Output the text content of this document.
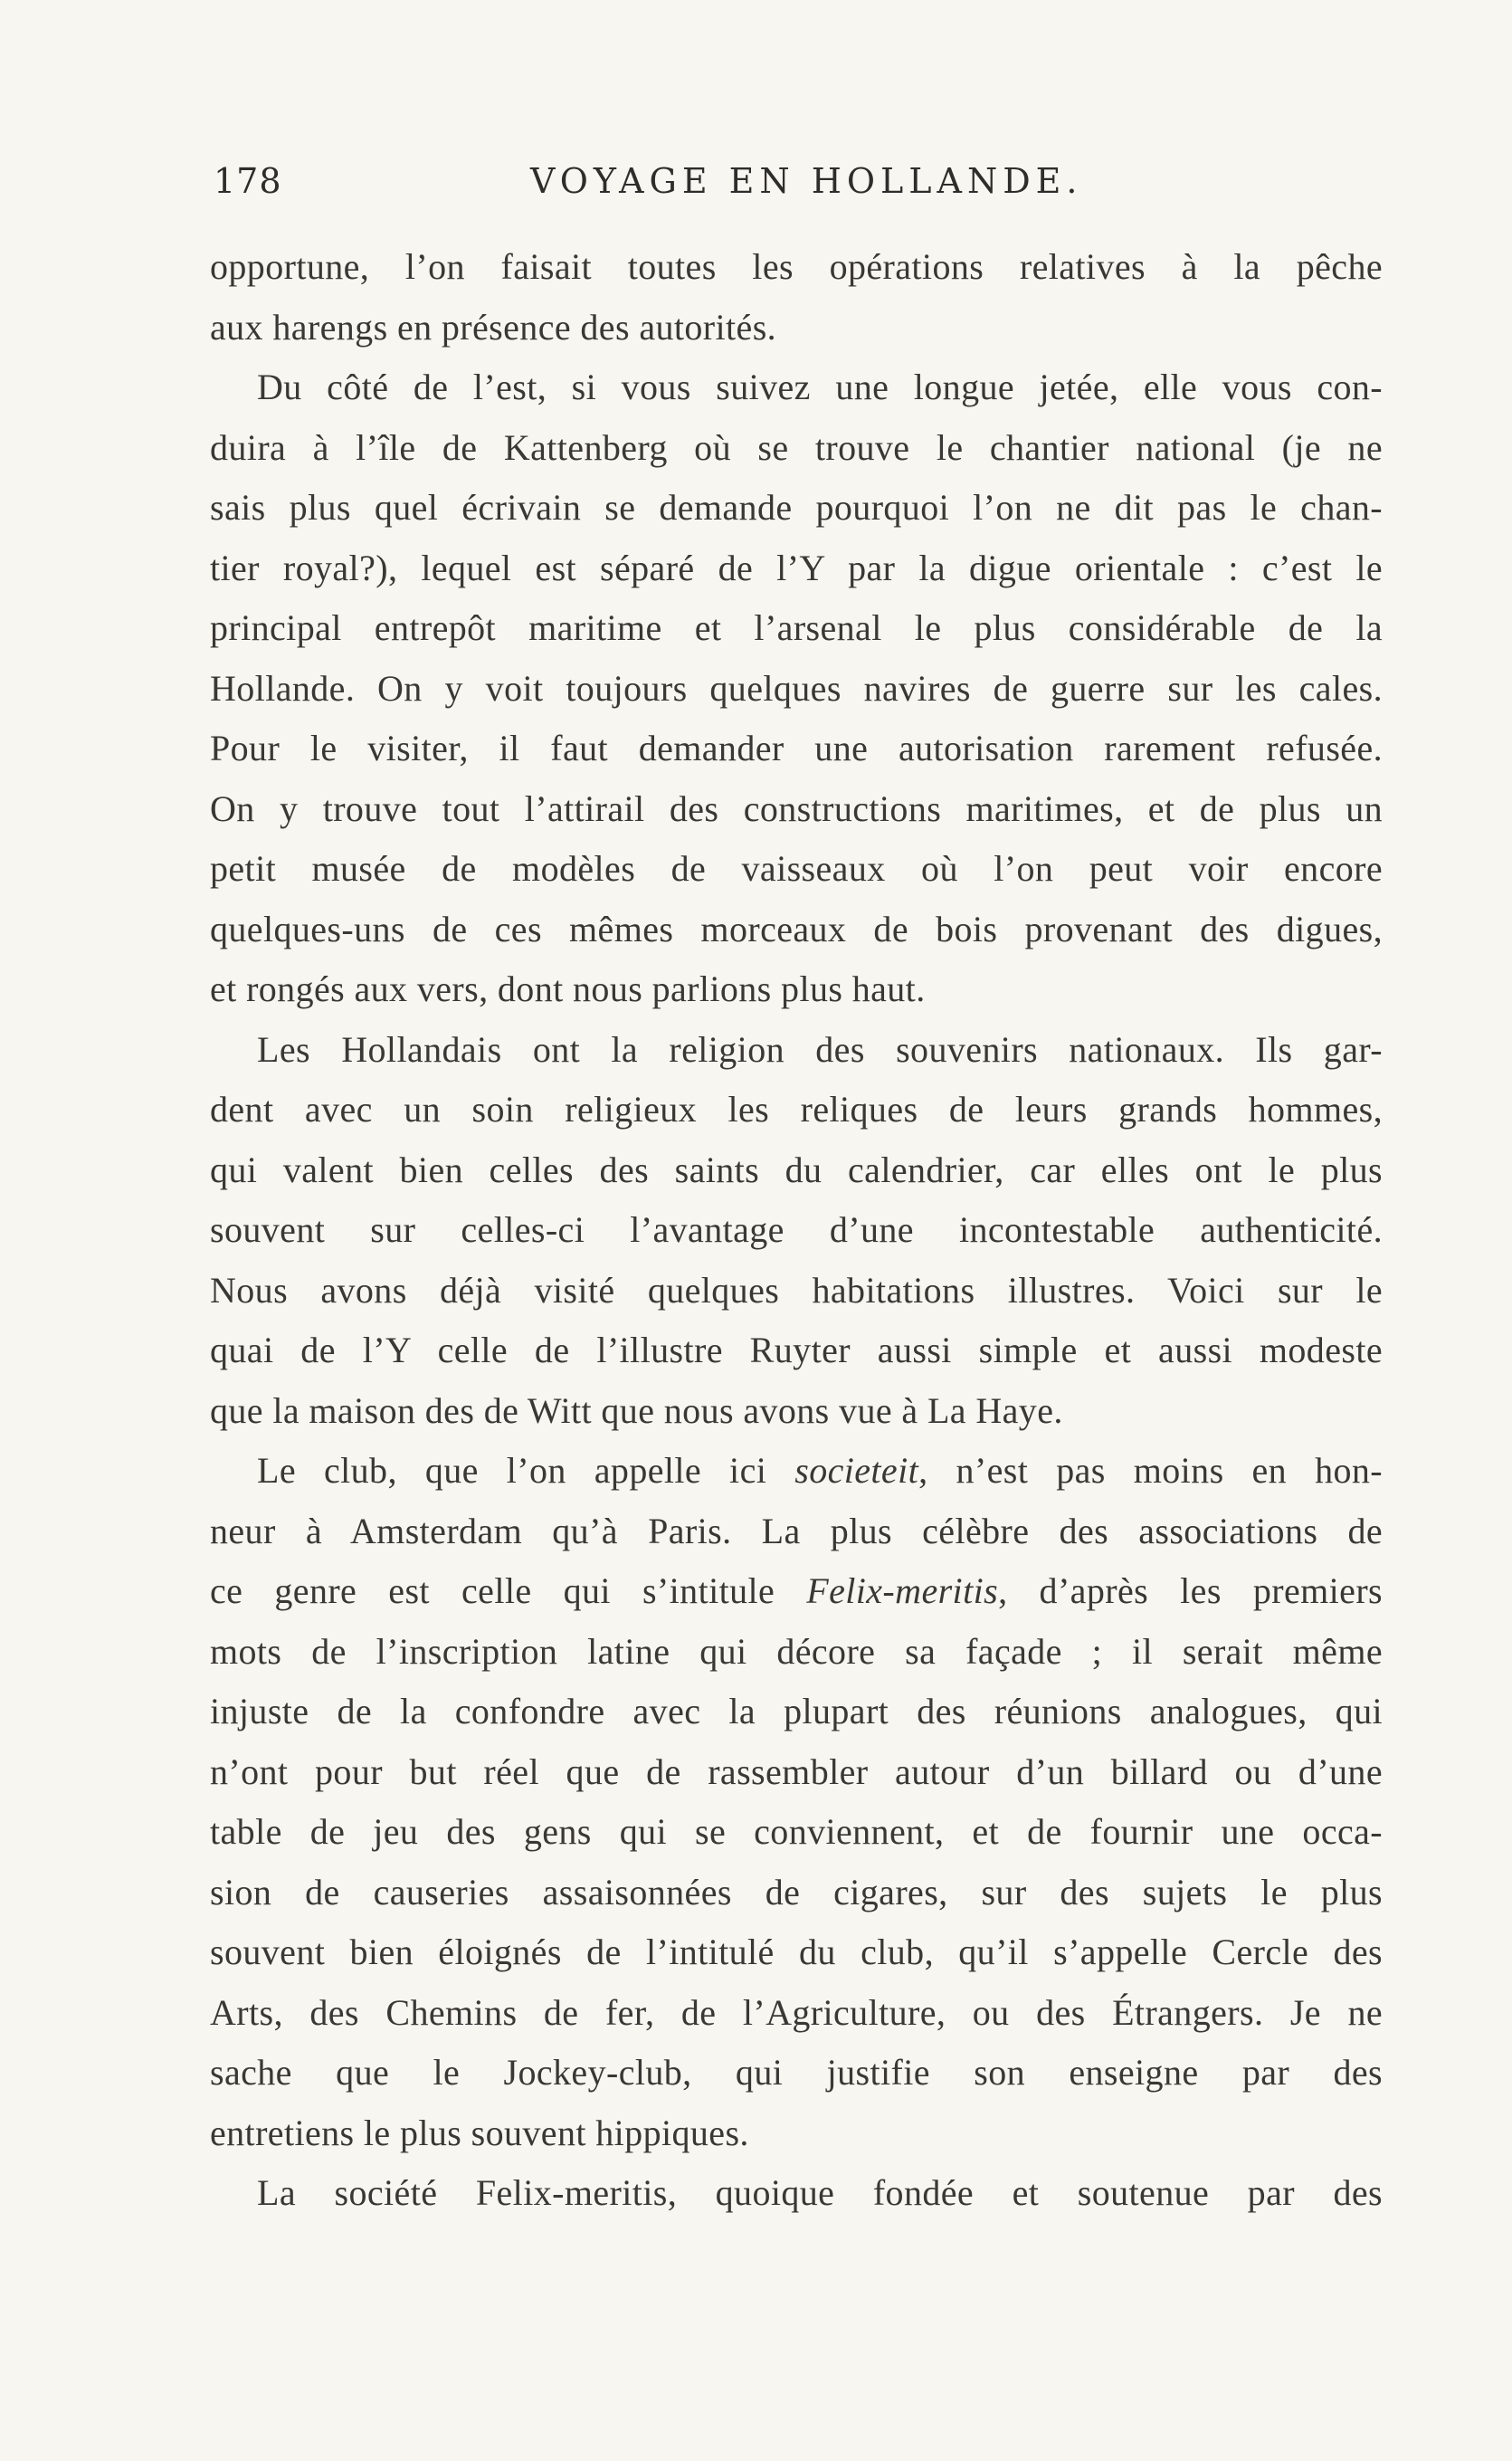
178	VOYAGE EN HOLLANDE.
opportune, l’on faisait toutes les opérations relatives à la pêche
aux harengs en présence des autorités.
Du côté de l’est, si vous suivez une longue jetée, elle vous con-
duira à l’île de Kattenberg où se trouve le chantier national (je ne
sais plus quel écrivain se demande pourquoi l’on ne dit pas le chan-
tier royal?), lequel est séparé de l’Y par la digue orientale : c’est le
principal entrepôt maritime et l’arsenal le plus considérable de la
Hollande. On y voit toujours quelques navires de guerre sur les cales.
Pour le visiter, il faut demander une autorisation rarement refusée.
On y trouve tout l’attirail des constructions maritimes, et de plus un
petit musée de modèles de vaisseaux où l’on peut voir encore
quelques-uns de ces mêmes morceaux de bois provenant des digues,
et rongés aux vers, dont nous parlions plus haut.
Les Hollandais ont la religion des souvenirs nationaux. Ils gar-
dent avec un soin religieux les reliques de leurs grands hommes,
qui valent bien celles des saints du calendrier, car elles ont le plus
souvent sur celles-ci l’avantage d’une incontestable authenticité.
Nous avons déjà visité quelques habitations illustres. Voici sur le
quai de l’Y celle de l’illustre Ruyter aussi simple et aussi modeste
que la maison des de Witt que nous avons vue à La Haye.
Le club, que l’on appelle ici societeit, n’est pas moins en hon-
neur à Amsterdam qu’à Paris. La plus célèbre des associations de
ce genre est celle qui s’intitule Felix-meritis, d’après les premiers
mots de l’inscription latine qui décore sa façade ; il serait même
injuste de la confondre avec la plupart des réunions analogues, qui
n’ont pour but réel que de rassembler autour d’un billard ou d’une
table de jeu des gens qui se conviennent, et de fournir une occa-
sion de causeries assaisonnées de cigares, sur des sujets le plus
souvent bien éloignés de l’intitulé du club, qu’il s’appelle Cercle des
Arts, des Chemins de fer, de l’Agriculture, ou des Étrangers. Je ne
sache que le Jockey-club, qui justifie son enseigne par des
entretiens le plus souvent hippiques.
La société Felix-meritis, quoique fondée et soutenue par des
